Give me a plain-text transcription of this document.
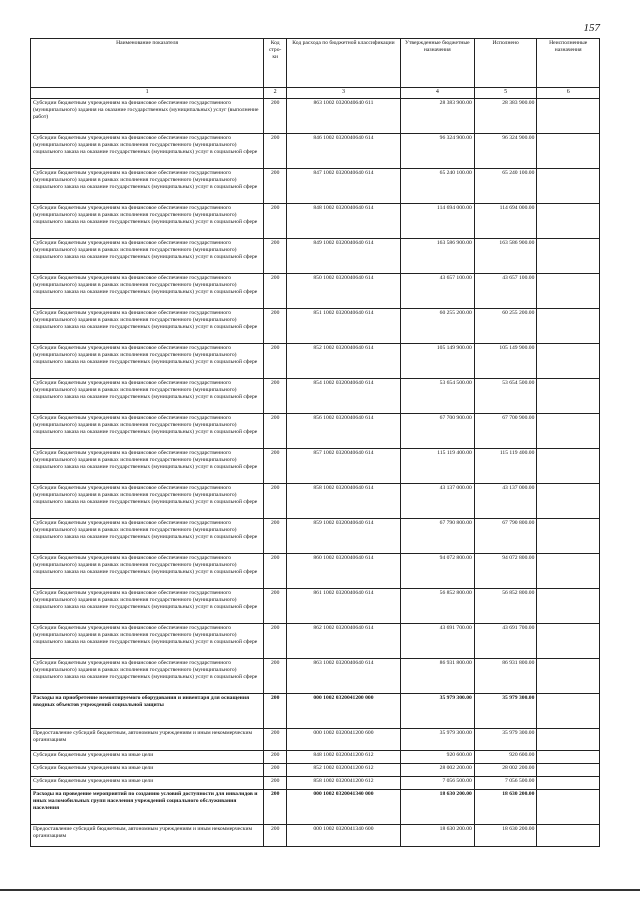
157
Наименование показателя	Код стро-ки	Код расхода по бюджетной классификации	Утвержденные бюджетные назначения	Исполнено	Неисполненные назначения
1	2	3	4	5	6
Субсидии бюджетным учреждениям на финансовое обеспечение государственного (муниципального) задания на оказание государственных (муниципальных) услуг (выполнение работ)	200	863 1002 0320040640 611	28 383 900.00	28 383 900.00	
Субсидии бюджетным учреждениям на финансовое обеспечение государственного (муниципального) задания в рамках исполнения государственного (муниципального) социального заказа на оказание государственных (муниципальных) услуг в социальной сфере	200	846 1002 0320040640 614	96 324 900.00	96 324 900.00	
Субсидии бюджетным учреждениям на финансовое обеспечение государственного (муниципального) задания в рамках исполнения государственного (муниципального) социального заказа на оказание государственных (муниципальных) услуг в социальной сфере	200	847 1002 0320040640 614	65 240 100.00	65 240 100.00	
Субсидии бюджетным учреждениям на финансовое обеспечение государственного (муниципального) задания в рамках исполнения государственного (муниципального) социального заказа на оказание государственных (муниципальных) услуг в социальной сфере	200	848 1002 0320040640 614	114 694 000.00	114 694 000.00	
Субсидии бюджетным учреждениям на финансовое обеспечение государственного (муниципального) задания в рамках исполнения государственного (муниципального) социального заказа на оказание государственных (муниципальных) услуг в социальной сфере	200	849 1002 0320040640 614	163 586 900.00	163 586 900.00	
Субсидии бюджетным учреждениям на финансовое обеспечение государственного (муниципального) задания в рамках исполнения государственного (муниципального) социального заказа на оказание государственных (муниципальных) услуг в социальной сфере	200	850 1002 0320040640 614	43 657 100.00	43 657 100.00	
Субсидии бюджетным учреждениям на финансовое обеспечение государственного (муниципального) задания в рамках исполнения государственного (муниципального) социального заказа на оказание государственных (муниципальных) услуг в социальной сфере	200	851 1002 0320040640 614	60 255 200.00	60 255 200.00	
Субсидии бюджетным учреждениям на финансовое обеспечение государственного (муниципального) задания в рамках исполнения государственного (муниципального) социального заказа на оказание государственных (муниципальных) услуг в социальной сфере	200	852 1002 0320040640 614	105 149 900.00	105 149 900.00	
Субсидии бюджетным учреждениям на финансовое обеспечение государственного (муниципального) задания в рамках исполнения государственного (муниципального) социального заказа на оказание государственных (муниципальных) услуг в социальной сфере	200	854 1002 0320040640 614	53 654 500.00	53 654 500.00	
Субсидии бюджетным учреждениям на финансовое обеспечение государственного (муниципального) задания в рамках исполнения государственного (муниципального) социального заказа на оказание государственных (муниципальных) услуг в социальной сфере	200	856 1002 0320040640 614	67 700 900.00	67 700 900.00	
Субсидии бюджетным учреждениям на финансовое обеспечение государственного (муниципального) задания в рамках исполнения государственного (муниципального) социального заказа на оказание государственных (муниципальных) услуг в социальной сфере	200	857 1002 0320040640 614	115 119 400.00	115 119 400.00	
Субсидии бюджетным учреждениям на финансовое обеспечение государственного (муниципального) задания в рамках исполнения государственного (муниципального) социального заказа на оказание государственных (муниципальных) услуг в социальной сфере	200	858 1002 0320040640 614	43 137 000.00	43 137 000.00	
Субсидии бюджетным учреждениям на финансовое обеспечение государственного (муниципального) задания в рамках исполнения государственного (муниципального) социального заказа на оказание государственных (муниципальных) услуг в социальной сфере	200	859 1002 0320040640 614	67 790 800.00	67 790 800.00	
Субсидии бюджетным учреждениям на финансовое обеспечение государственного (муниципального) задания в рамках исполнения государственного (муниципального) социального заказа на оказание государственных (муниципальных) услуг в социальной сфере	200	860 1002 0320040640 614	94 072 800.00	94 072 800.00	
Субсидии бюджетным учреждениям на финансовое обеспечение государственного (муниципального) задания в рамках исполнения государственного (муниципального) социального заказа на оказание государственных (муниципальных) услуг в социальной сфере	200	861 1002 0320040640 614	56 852 800.00	56 852 800.00	
Субсидии бюджетным учреждениям на финансовое обеспечение государственного (муниципального) задания в рамках исполнения государственного (муниципального) социального заказа на оказание государственных (муниципальных) услуг в социальной сфере	200	862 1002 0320040640 614	43 691 700.00	43 691 700.00	
Субсидии бюджетным учреждениям на финансовое обеспечение государственного (муниципального) задания в рамках исполнения государственного (муниципального) социального заказа на оказание государственных (муниципальных) услуг в социальной сфере	200	863 1002 0320040640 614	86 931 800.00	86 931 800.00	
Расходы на приобретение немонтируемого оборудования и инвентаря для оснащения вводных объектов учреждений социальной защиты	200	000 1002 0320041200 000	35 979 300.00	35 979 300.00	
Предоставление субсидий бюджетным, автономным учреждениям и иным некоммерческим организациям	200	000 1002 0320041200 600	35 979 300.00	35 979 300.00	
Субсидии бюджетным учреждениям на иные цели	200	848 1002 0320041200 612	920 600.00	920 600.00	
Субсидии бюджетным учреждениям на иные цели	200	852 1002 0320041200 612	28 002 200.00	28 002 200.00	
Субсидии бюджетным учреждениям на иные цели	200	858 1002 0320041200 612	7 056 500.00	7 056 500.00	
Расходы на проведение мероприятий по созданию условий доступности для инвалидов и иных маломобильных групп населения учреждений социального обслуживания населения	200	000 1002 0320041340 000	18 630 200.00	18 630 200.00	
Предоставление субсидий бюджетным, автономным учреждениям и иным некоммерческим организациям	200	000 1002 0320041340 600	18 630 200.00	18 630 200.00	
